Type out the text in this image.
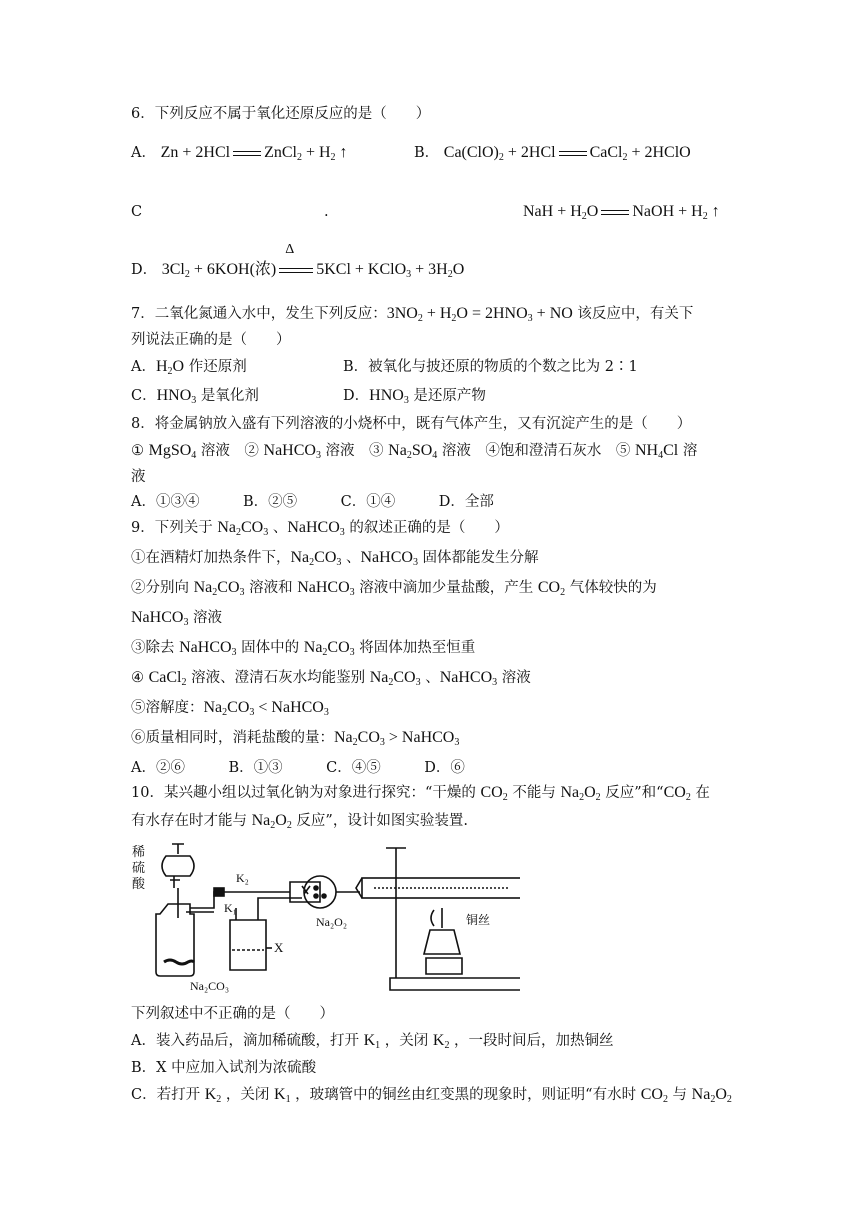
6．下列反应不属于氧化还原反应的是（　　）
A． Zn + 2HCl ZnCl$_2$ + $H_2$ ↑	B． $Ca(ClO)_2 + 2HCl$ CaCl$_2$ + 2HClO
C	.	NaH + $H_2O$ NaOH + $H_2$ ↑
D． $3Cl_2 + 6KOH$(浓)
Δ
5KCl + KClO$_3$ + $3H_2O$
7．二氧化氮通入水中，发生下列反应：$3NO_2 + H_2O = 2HNO_3$ + NO 该反应中，有关下
列说法正确的是（　　）
A．$H_2O$ 作还原剂	B．被氧化与披还原的物质的个数之比为 2∶1
C．$HNO_3$ 是氧化剂	D．$HNO_3$ 是还原产物
8．将金属钠放入盛有下列溶液的小烧杯中，既有气体产生，又有沉淀产生的是（　　）
① MgSO$_4$ 溶液　② NaHCO$_3$ 溶液　③ $Na_2SO_4$ 溶液　④饱和澄清石灰水　⑤ $NH_4Cl$ 溶
液
A．①③④　　　B．②⑤　　　C．①④　　　D．全部
9．下列关于 $Na_2CO_3$ 、NaHCO$_3$ 的叙述正确的是（　　）
①在酒精灯加热条件下，$Na_2CO_3$ 、NaHCO$_3$ 固体都能发生分解
②分别向 $Na_2CO_3$ 溶液和 NaHCO$_3$ 溶液中滴加少量盐酸，产生 $CO_2$ 气体较快的为
NaHCO$_3$ 溶液
③除去 NaHCO$_3$ 固体中的 $Na_2CO_3$ 将固体加热至恒重
④ CaCl$_2$ 溶液、澄清石灰水均能鉴别 $Na_2CO_3$ 、NaHCO$_3$ 溶液
⑤溶解度：$Na_2CO_3$ < NaHCO$_3$
⑥质量相同时，消耗盐酸的量：$Na_2CO_3$ > NaHCO$_3$
A．②⑥　　　B．①③　　　C．④⑤　　　D．⑥
10．某兴趣小组以过氧化钠为对象进行探究：“干燥的 $CO_2$ 不能与 $Na_2O_2$ 反应”和“$CO_2$ 在
有水存在时才能与 $Na_2O_2$ 反应”，设计如图实验装置.
稀
硫
酸	K₂
K₁
X
Na₂O₂
Na₂CO₃
铜丝
下列叙述中不正确的是（　　）
A．装入药品后，滴加稀硫酸，打开 $K_1$ ，关闭 $K_2$ ，一段时间后，加热铜丝
B．X 中应加入试剂为浓硫酸
C．若打开 $K_2$ ，关闭 $K_1$ ，玻璃管中的铜丝由红变黑的现象时，则证明“有水时 $CO_2$ 与 $Na_2O_2$
